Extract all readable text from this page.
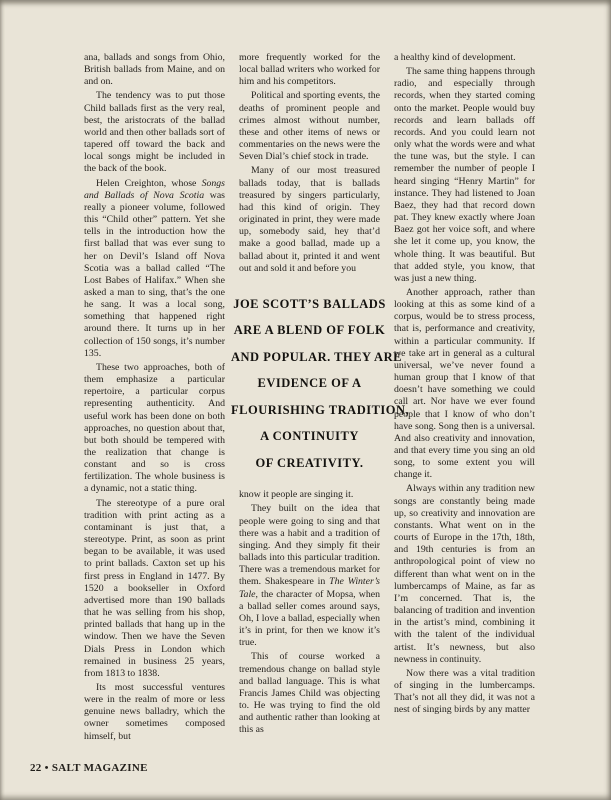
ana, ballads and songs from Ohio, British ballads from Maine, and on and on.

The tendency was to put those Child ballads first as the very real, best, the aristocrats of the ballad world and then other ballads sort of tapered off toward the back and local songs might be included in the back of the book.

Helen Creighton, whose Songs and Ballads of Nova Scotia was really a pioneer volume, followed this “Child other” pattern. Yet she tells in the introduction how the first ballad that was ever sung to her on Devil’s Island off Nova Scotia was a ballad called “The Lost Babes of Halifax.” When she asked a man to sing, that’s the one he sang. It was a local song, something that happened right around there. It turns up in her collection of 150 songs, it’s number 135.

These two approaches, both of them emphasize a particular repertoire, a particular corpus representing authenticity. And useful work has been done on both approaches, no question about that, but both should be tempered with the realization that change is constant and so is cross fertilization. The whole business is a dynamic, not a static thing.

The stereotype of a pure oral tradition with print acting as a contaminant is just that, a stereotype. Print, as soon as print began to be available, it was used to print ballads. Caxton set up his first press in England in 1477. By 1520 a bookseller in Oxford advertised more than 190 ballads that he was selling from his shop, printed ballads that hang up in the window. Then we have the Seven Dials Press in London which remained in business 25 years, from 1813 to 1838.

Its most successful ventures were in the realm of more or less genuine news balladry, which the owner sometimes composed himself, but

more frequently worked for the local ballad writers who worked for him and his competitors.

Political and sporting events, the deaths of prominent people and crimes almost without number, these and other items of news or commentaries on the news were the Seven Dial’s chief stock in trade.

Many of our most treasured ballads today, that is ballads treasured by singers particularly, had this kind of origin. They originated in print, they were made up, somebody said, hey that’d make a good ballad, made up a ballad about it, printed it and went out and sold it and before you

JOE SCOTT’S BALLADS

ARE A BLEND OF FOLK

AND POPULAR. THEY ARE

EVIDENCE OF A

FLOURISHING TRADITION,

A CONTINUITY

OF CREATIVITY.

know it people are singing it.

They built on the idea that people were going to sing and that there was a habit and a tradition of singing. And they simply fit their ballads into this particular tradition. There was a tremendous market for them. Shakespeare in The Winter’s Tale, the character of Mopsa, when a ballad seller comes around says, Oh, I love a ballad, especially when it’s in print, for then we know it’s true.

This of course worked a tremendous change on ballad style and ballad language. This is what Francis James Child was objecting to. He was trying to find the old and authentic rather than looking at this as

a healthy kind of development.

The same thing happens through radio, and especially through records, when they started coming onto the market. People would buy records and learn ballads off records. And you could learn not only what the words were and what the tune was, but the style. I can remember the number of people I heard singing “Henry Martin” for instance. They had listened to Joan Baez, they had that record down pat. They knew exactly where Joan Baez got her voice soft, and where she let it come up, you know, the whole thing. It was beautiful. But that added style, you know, that was just a new thing.

Another approach, rather than looking at this as some kind of a corpus, would be to stress process, that is, performance and creativity, within a particular community. If we take art in general as a cultural universal, we’ve never found a human group that I know of that doesn’t have something we could call art. Nor have we ever found people that I know of who don’t have song. Song then is a universal. And also creativity and innovation, and that every time you sing an old song, to some extent you will change it.

Always within any tradition new songs are constantly being made up, so creativity and innovation are constants. What went on in the courts of Europe in the 17th, 18th, and 19th centuries is from an anthropological point of view no different than what went on in the lumbercamps of Maine, as far as I’m concerned. That is, the balancing of tradition and invention in the artist’s mind, combining it with the talent of the individual artist. It’s newness, but also newness in continuity.

Now there was a vital tradition of singing in the lumbercamps. That’s not all they did, it was not a nest of singing birds by any matter

22 • SALT MAGAZINE
